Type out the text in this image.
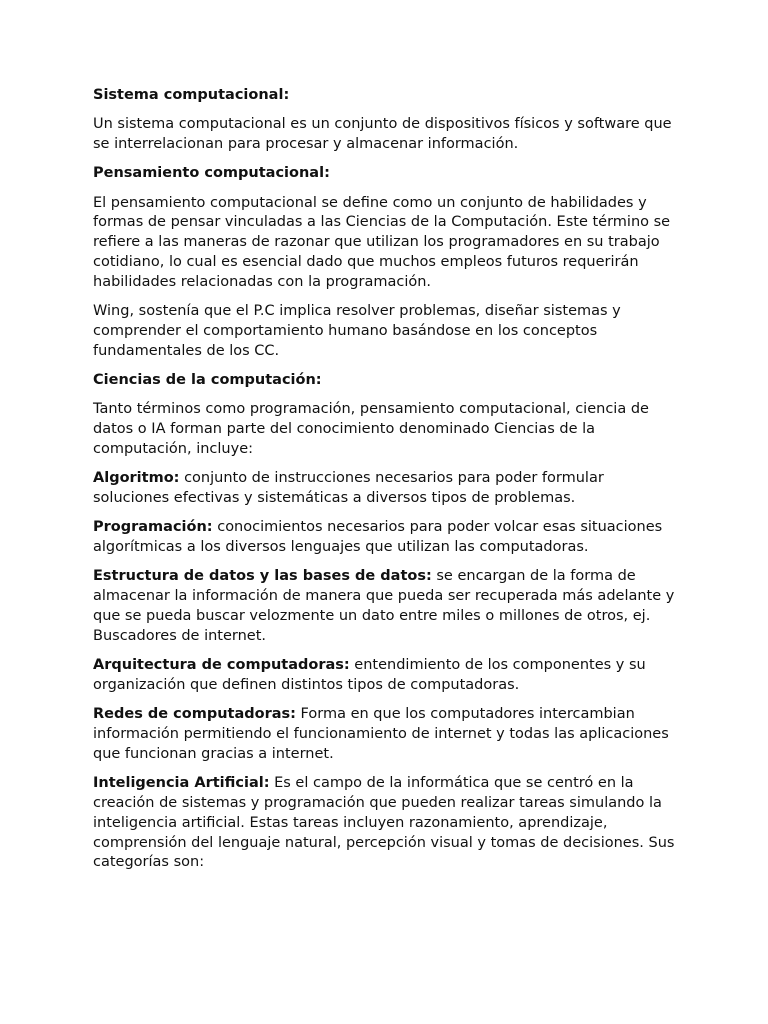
Sistema computacional:

Un sistema computacional es un conjunto de dispositivos físicos y software que se interrelacionan para procesar y almacenar información.

Pensamiento computacional:

El pensamiento computacional se define como un conjunto de habilidades y formas de pensar vinculadas a las Ciencias de la Computación. Este término se refiere a las maneras de razonar que utilizan los programadores en su trabajo cotidiano, lo cual es esencial dado que muchos empleos futuros requerirán habilidades relacionadas con la programación.

Wing, sostenía que el P.C implica resolver problemas, diseñar sistemas y comprender el comportamiento humano basándose en los conceptos fundamentales de los CC.

Ciencias de la computación:

Tanto términos como programación, pensamiento computacional, ciencia de datos o IA forman parte del conocimiento denominado Ciencias de la computación, incluye:

Algoritmo: conjunto de instrucciones necesarios para poder formular soluciones efectivas y sistemáticas a diversos tipos de problemas.

Programación: conocimientos necesarios para poder volcar esas situaciones algorítmicas a los diversos lenguajes que utilizan las computadoras.

Estructura de datos y las bases de datos: se encargan de la forma de almacenar la información de manera que pueda ser recuperada más adelante y que se pueda buscar velozmente un dato entre miles o millones de otros, ej. Buscadores de internet.

Arquitectura de computadoras: entendimiento de los componentes y su organización que definen distintos tipos de computadoras.

Redes de computadoras: Forma en que los computadores intercambian información permitiendo el funcionamiento de internet y todas las aplicaciones que funcionan gracias a internet.

Inteligencia Artificial: Es el campo de la informática que se centró en la creación de sistemas y programación que pueden realizar tareas simulando la inteligencia artificial. Estas tareas incluyen razonamiento, aprendizaje, comprensión del lenguaje natural, percepción visual y tomas de decisiones. Sus categorías son:
